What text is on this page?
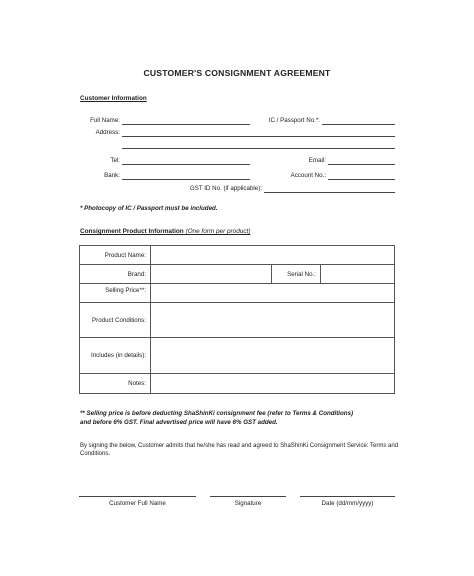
CUSTOMER'S CONSIGNMENT AGREEMENT
Customer Information
Full Name:	IC / Passport No.*:
Address:
Tel:	Email:
Bank:	Account No.:
GST ID No. (if applicable):
* Photocopy of IC / Passport must be included.
Consignment Product Information (One form per product)
Product Name:			
Brand:		Serial No.:	
Selling Price**:			
Product Conditions:			
Includes (in details):			
Notes:			
** Selling price is before deducting ShaShinKi consignment fee (refer to Terms & Conditions)
and before 6% GST. Final advertised price will have 6% GST added.
By signing the below, Customer admits that he/she has read and agreed to ShaShinKi Consignment Service: Terms and Conditions.
Customer Full Name	Signature	Date (dd/mm/yyyy)
